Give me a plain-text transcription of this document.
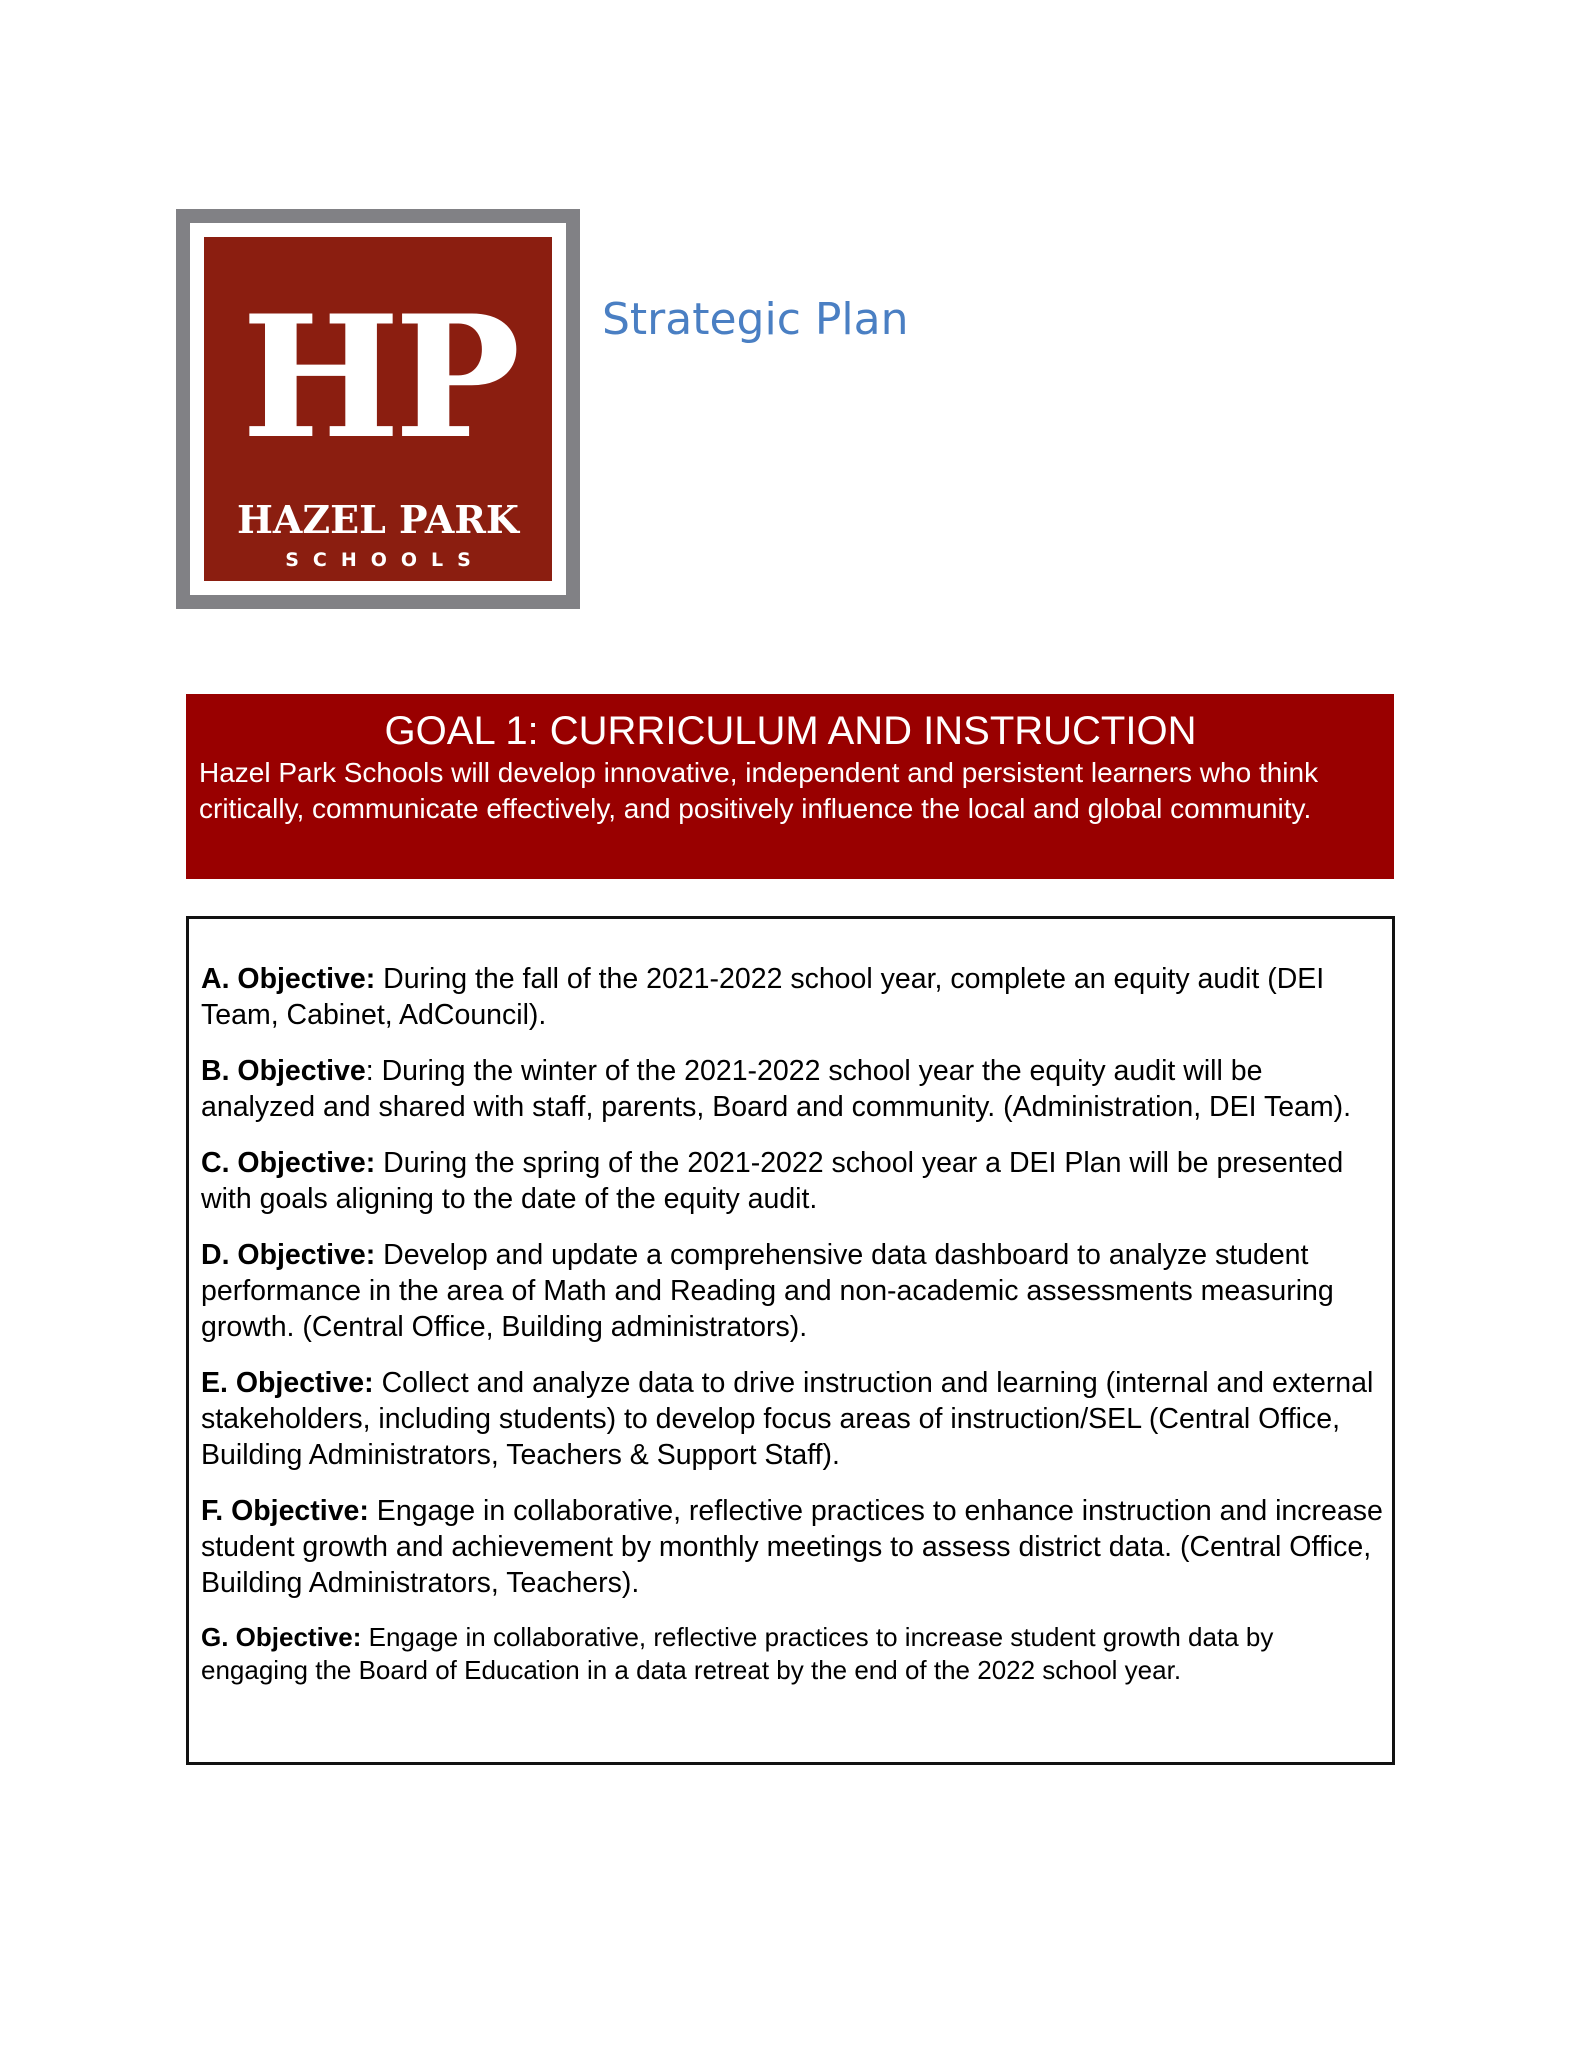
HP
HAZEL PARK
SCHOOLS
Strategic Plan
GOAL 1: CURRICULUM AND INSTRUCTION

Hazel Park Schools will develop innovative, independent and persistent learners who think critically, communicate effectively, and positively influence the local and global community.

A. Objective: During the fall of the 2021-2022 school year, complete an equity audit (DEI Team, Cabinet, AdCouncil).

B. Objective: During the winter of the 2021-2022 school year the equity audit will be analyzed and shared with staff, parents, Board and community. (Administration, DEI Team).

C. Objective: During the spring of the 2021-2022 school year a DEI Plan will be presented with goals aligning to the date of the equity audit.

D. Objective: Develop and update a comprehensive data dashboard to analyze student performance in the area of Math and Reading and non-academic assessments measuring growth. (Central Office, Building administrators).

E. Objective: Collect and analyze data to drive instruction and learning (internal and external stakeholders, including students) to develop focus areas of instruction/SEL (Central Office, Building Administrators, Teachers & Support Staff).

F. Objective: Engage in collaborative, reflective practices to enhance instruction and increase student growth and achievement by monthly meetings to assess district data. (Central Office, Building Administrators, Teachers).

G. Objective: Engage in collaborative, reflective practices to increase student growth data by engaging the Board of Education in a data retreat by the end of the 2022 school year.
